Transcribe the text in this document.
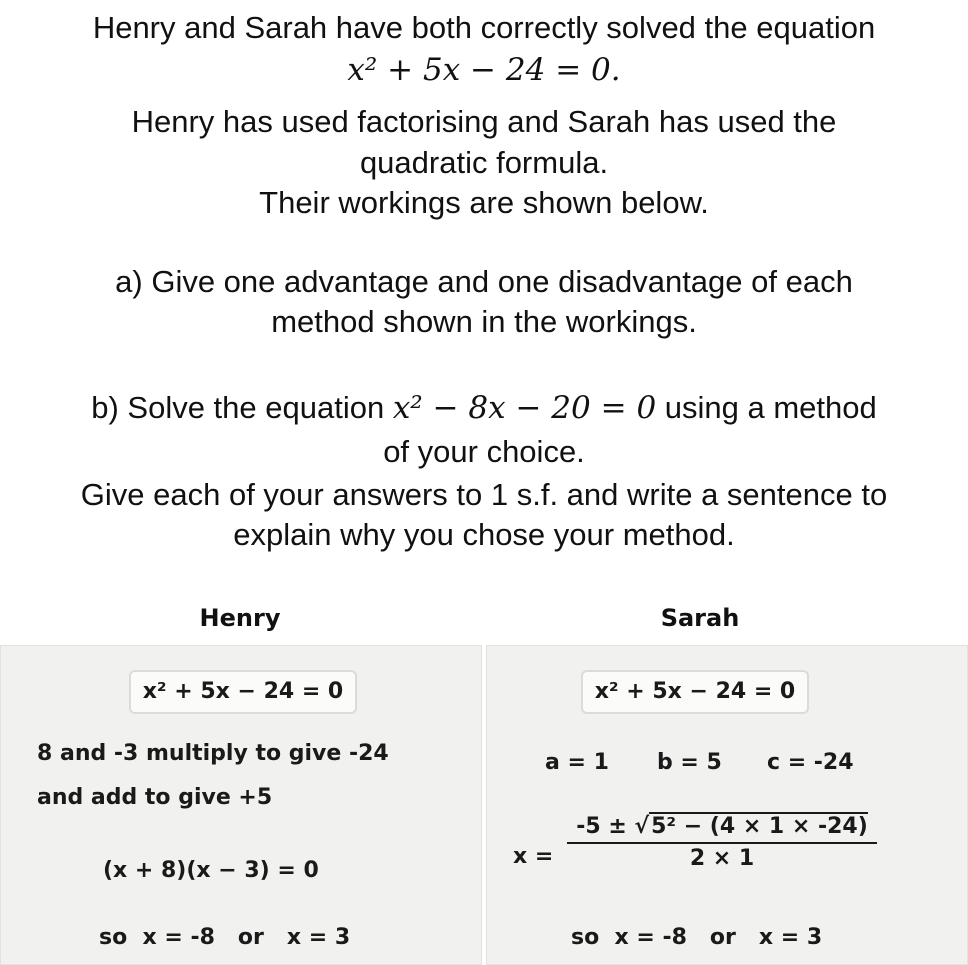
Henry and Sarah have both correctly solved the equation
x² + 5x − 24 = 0.
Henry has used factorising and Sarah has used the
quadratic formula.
Their workings are shown below.
a) Give one advantage and one disadvantage of each
method shown in the workings.
b) Solve the equation x² − 8x − 20 = 0 using a method
of your choice.
Give each of your answers to 1 s.f. and write a sentence to
explain why you chose your method.
Henry	Sarah
x² + 5x − 24 = 0
8 and -3 multiply to give -24
and add to give +5
(x + 8)(x − 3) = 0
so x = -8 or x = 3
x² + 5x − 24 = 0
a = 1 b = 5 c = -24
$x = \frac{\text{-5 ± √5² − (4 × 1 × -24)}}{2 \times 1}$
so x = -8 or x = 3
